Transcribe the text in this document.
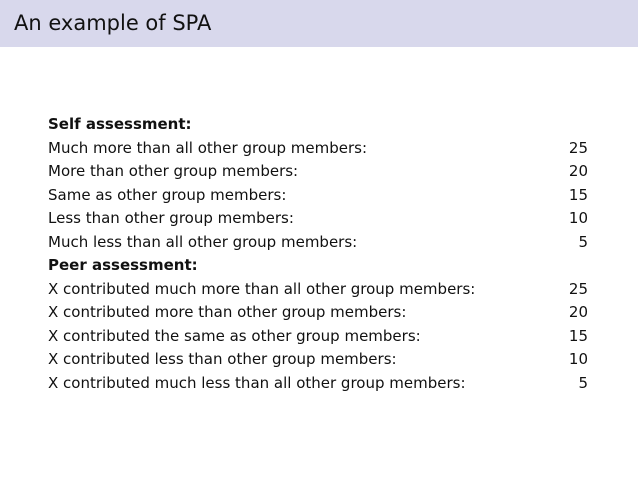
An example of SPA
Self assessment:
Much more than all other group members:	25
More than other group members:	20
Same as other group members:	15
Less than other group members:	10
Much less than all other group members:	5
Peer assessment:
X contributed much more than all other group members:	25
X contributed more than other group members:	20
X contributed the same as other group members:	15
X contributed less than other group members:	10
X contributed much less than all other group members:	5
